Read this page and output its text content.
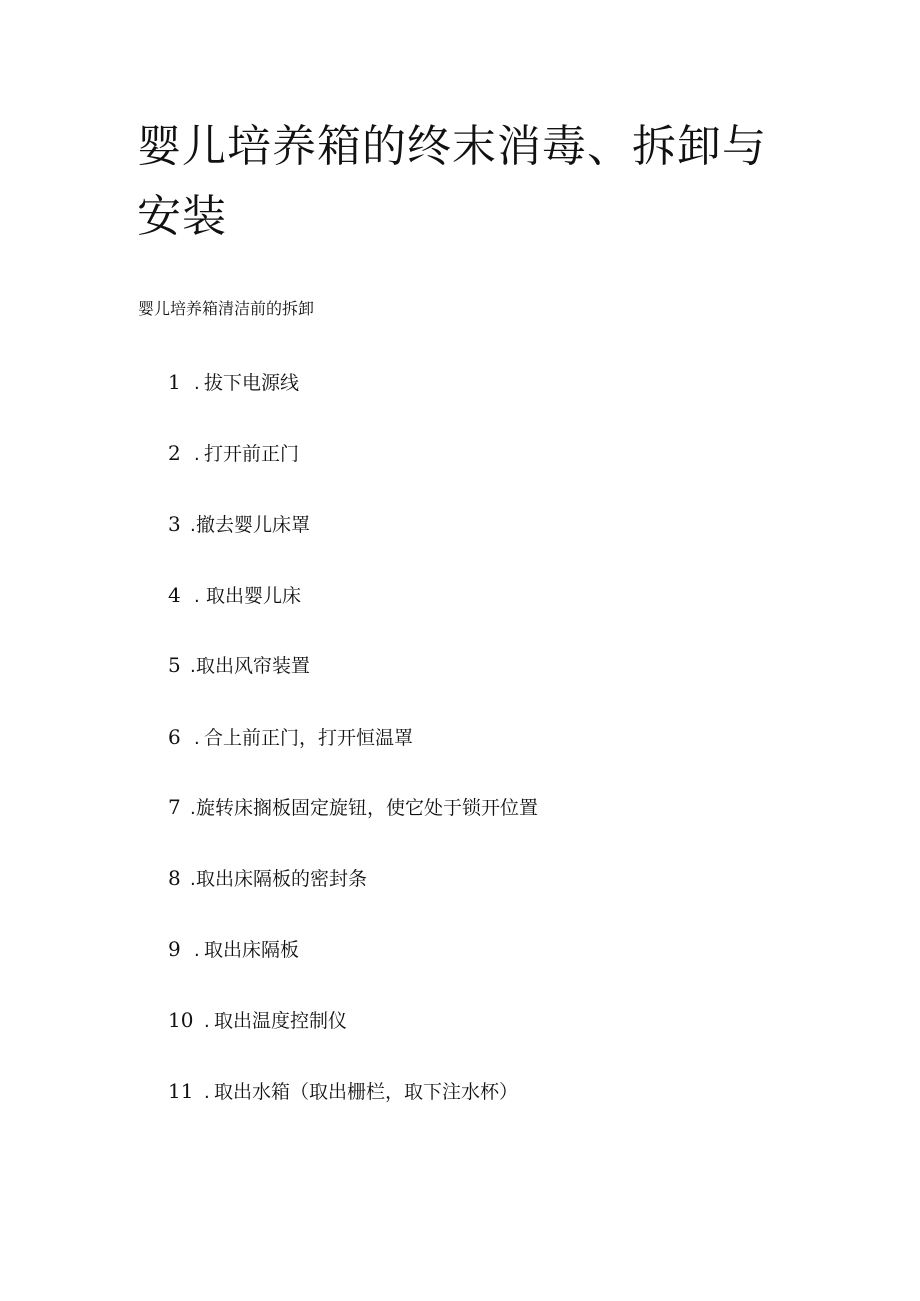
婴儿培养箱的终末消毒、拆卸与安装

婴儿培养箱清洁前的拆卸

1 . 拔下电源线
2 . 打开前正门
3 .撤去婴儿床罩
4 . 取出婴儿床
5 .取出风帘装置
6 . 合上前正门，打开恒温罩
7 .旋转床搁板固定旋钮，使它处于锁开位置
8 .取出床隔板的密封条
9 . 取出床隔板
10 . 取出温度控制仪
11 . 取出水箱（取出栅栏，取下注水杯）
